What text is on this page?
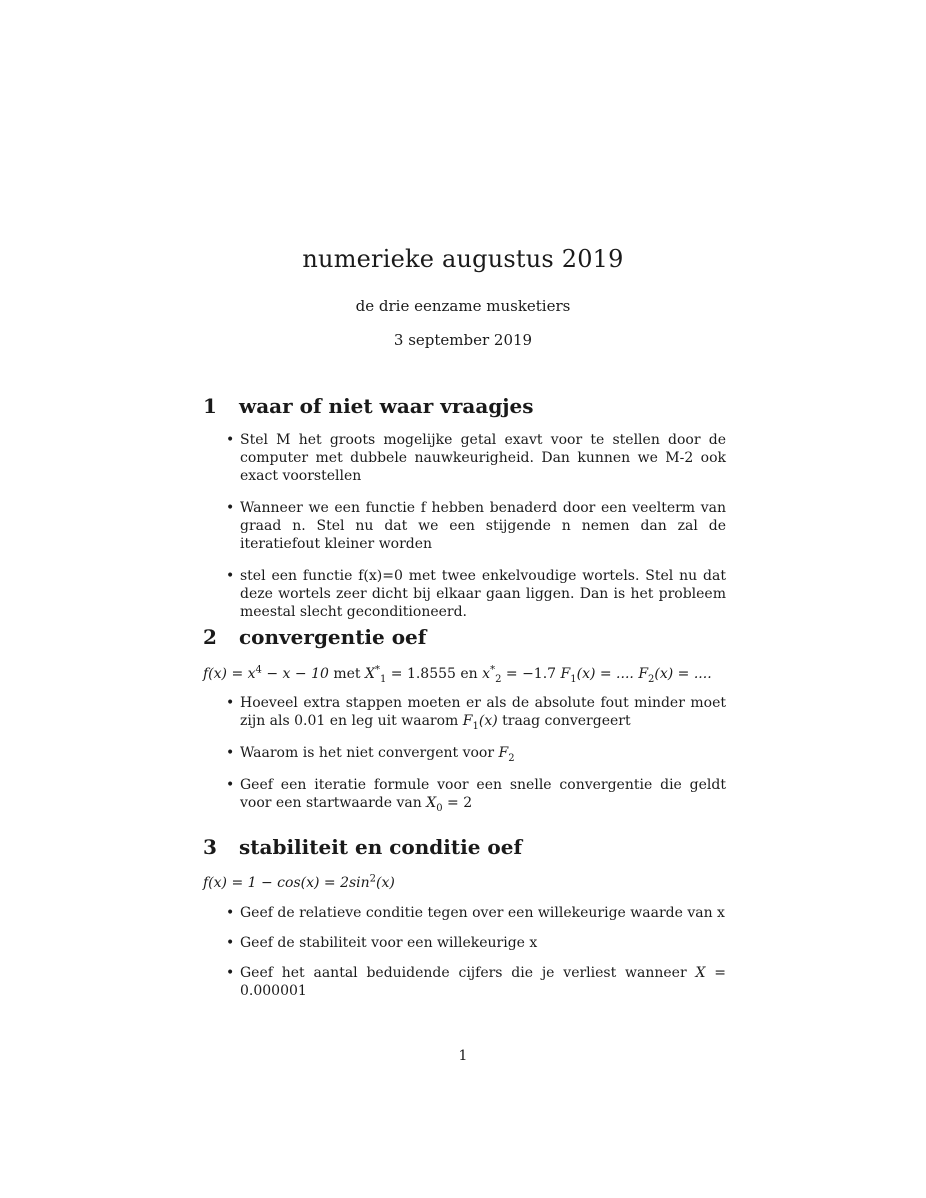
numerieke augustus 2019
de drie eenzame musketiers
3 september 2019
1 waar of niet waar vraagjes
• Stel M het groots mogelijke getal exavt voor te stellen door de computer met dubbele nauwkeurigheid. Dan kunnen we M-2 ook exact voorstellen
• Wanneer we een functie f hebben benaderd door een veelterm van graad n. Stel nu dat we een stijgende n nemen dan zal de iteratiefout kleiner worden
• stel een functie f(x)=0 met twee enkelvoudige wortels. Stel nu dat deze wortels zeer dicht bij elkaar gaan liggen. Dan is het probleem meestal slecht geconditioneerd.
2 convergentie oef
$f(x) = x^4 - x - 10$ met $X^*_1 = 1.8555$ en $x^*_2 = -1.7$ $F_1(x)$ = .... $F_2(x)$ = ....
• Hoeveel extra stappen moeten er als de absolute fout minder moet zijn als 0.01 en leg uit waarom $F_1(x)$ traag convergeert
• Waarom is het niet convergent voor $F_2$
• Geef een iteratie formule voor een snelle convergentie die geldt voor een startwaarde van $X_0 = 2$
3 stabiliteit en conditie oef
$f(x) = 1 - \cos(x) = 2\sin^2(x)$
• Geef de relatieve conditie tegen over een willekeurige waarde van x
• Geef de stabiliteit voor een willekeurige x
• Geef het aantal beduidende cijfers die je verliest wanneer X = 0.000001
1
